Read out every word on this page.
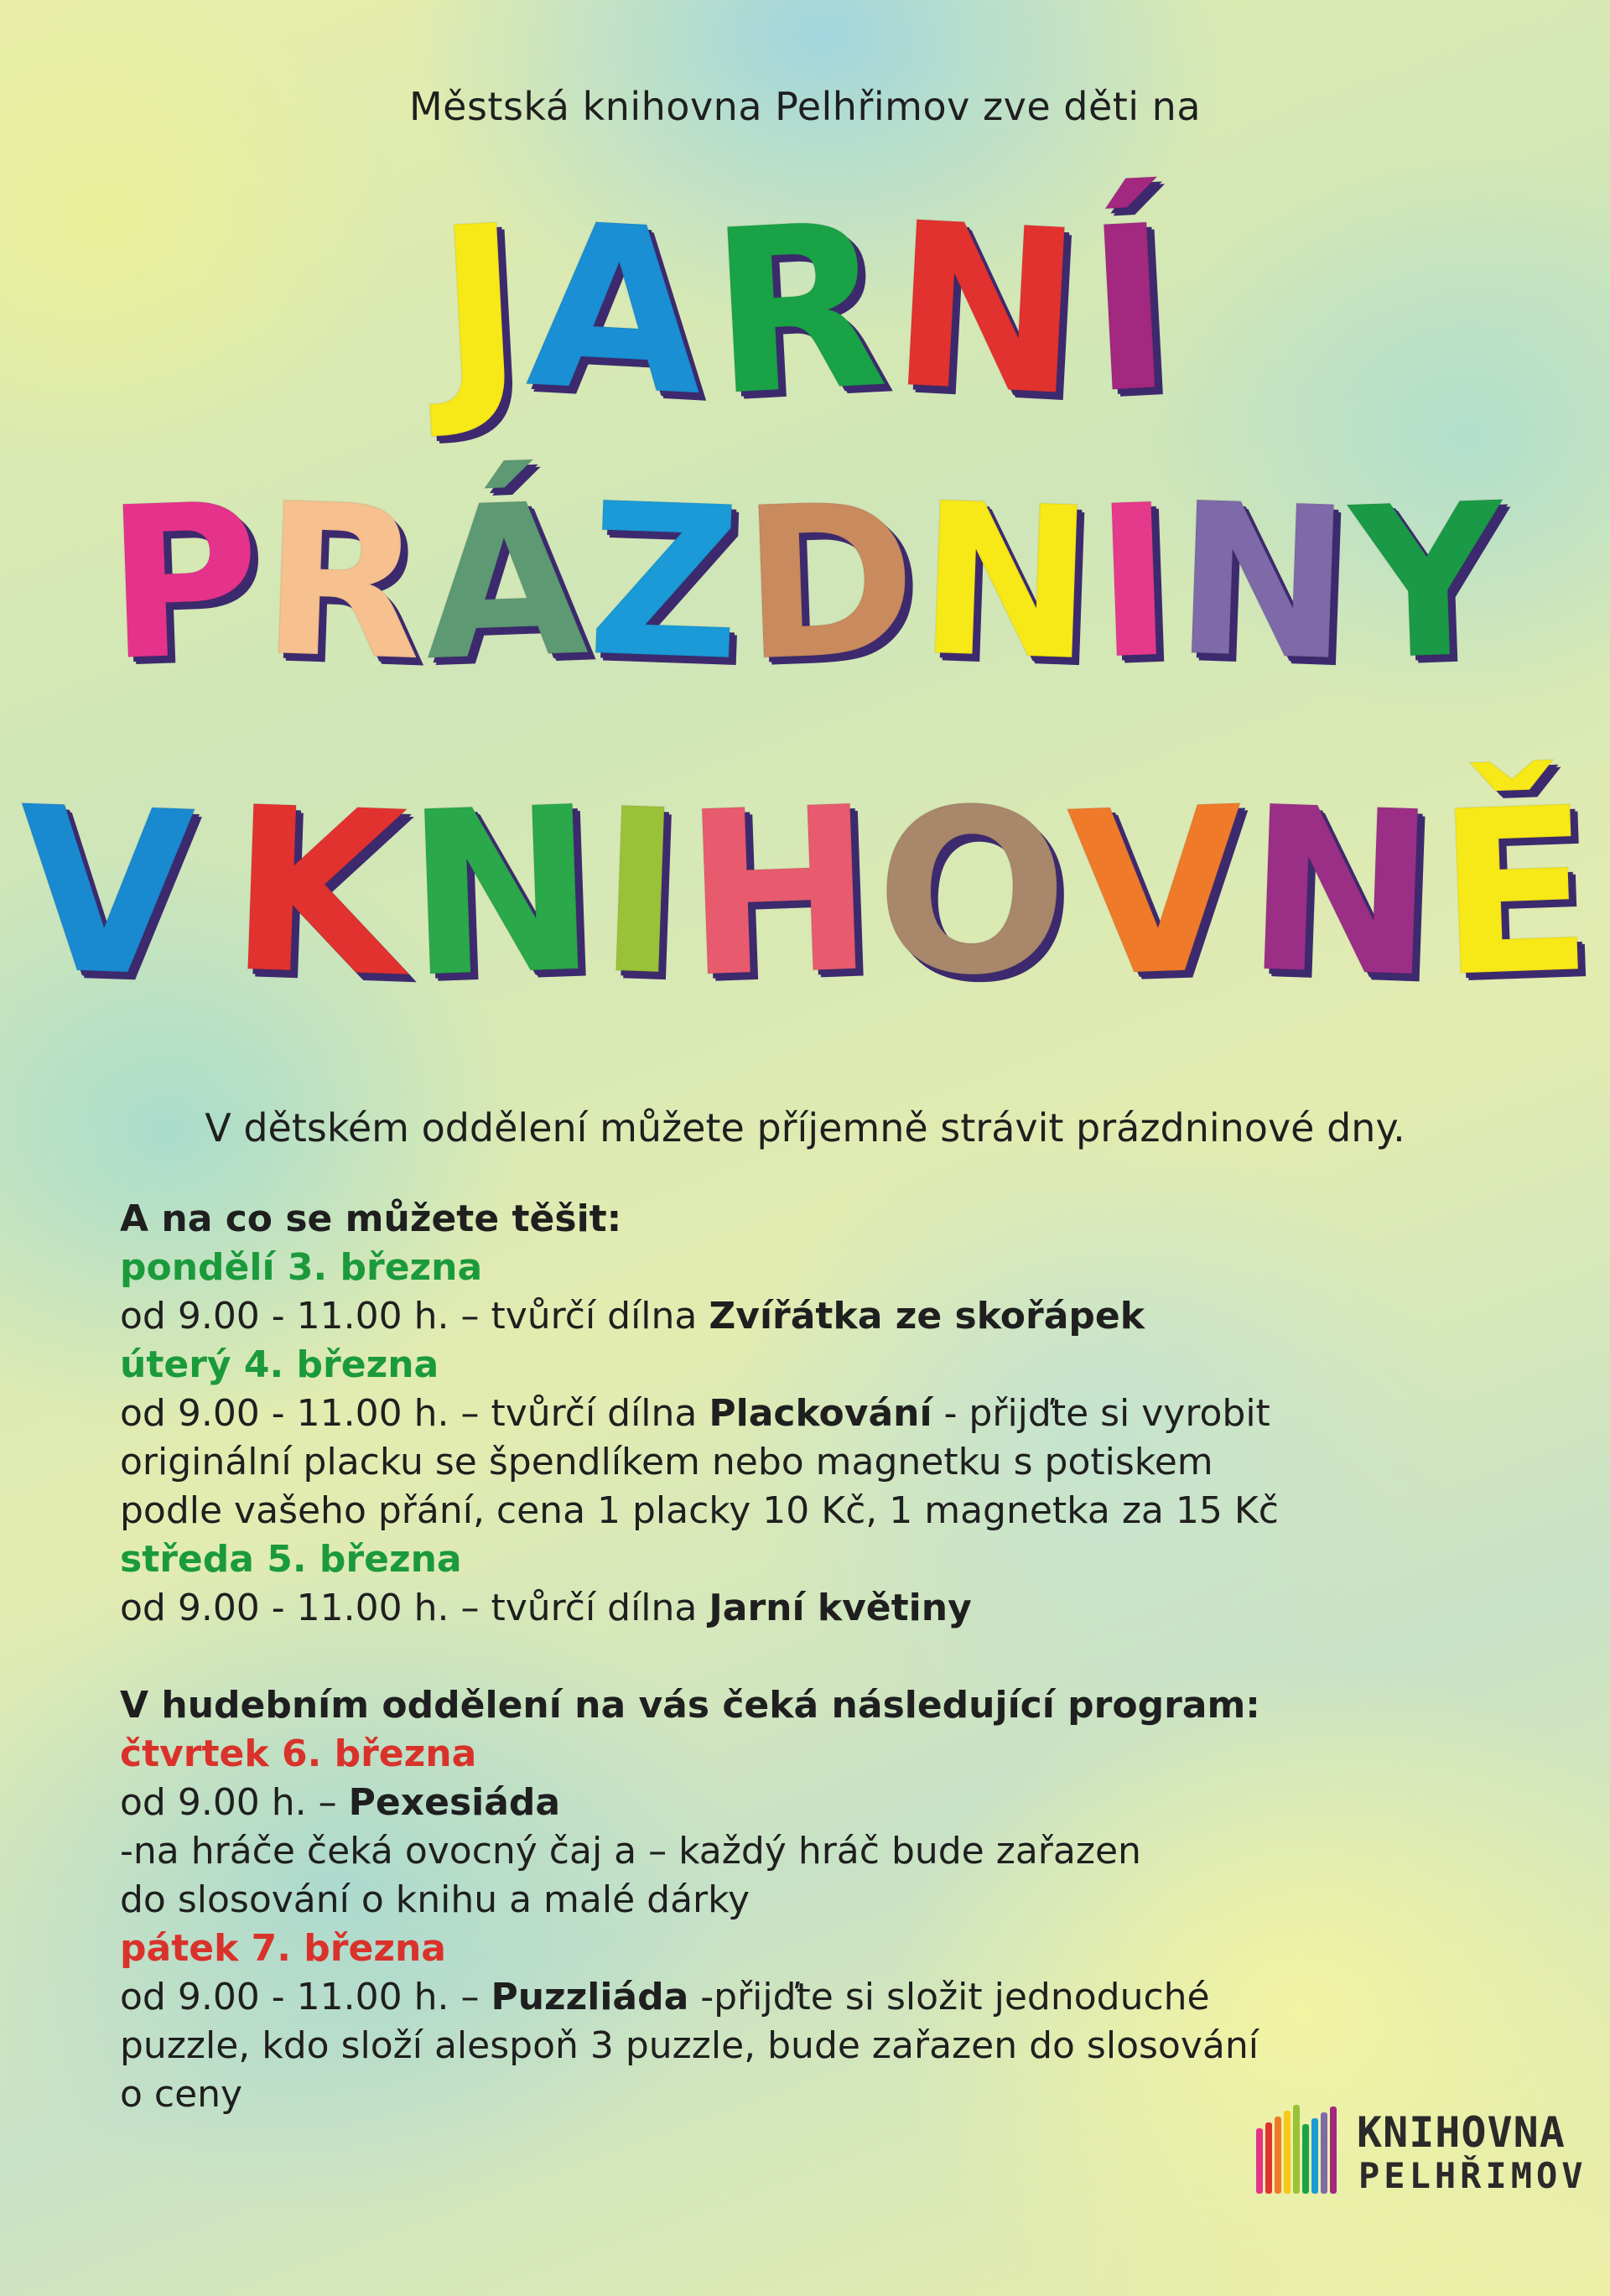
Městská knihovna Pelhřimov zve děti na
J
A
R
N
Í
P
R
Á
Z
D
N
I
N
Y
V
K
N
I
H
O
V
N
Ě
V dětském oddělení můžete příjemně strávit prázdninové dny.

A na co se můžete těšit:

pondělí 3. března

od 9.00 - 11.00 h. – tvůrčí dílna Zvířátka ze skořápek

úterý 4. března

od 9.00 - 11.00 h. – tvůrčí dílna Plackování - přijďte si vyrobit

originální placku se špendlíkem nebo magnetku s potiskem

podle vašeho přání, cena 1 placky 10 Kč, 1 magnetka za 15 Kč

středa 5. března

od 9.00 - 11.00 h. – tvůrčí dílna Jarní květiny

V hudebním oddělení na vás čeká následující program:

čtvrtek 6. března

od 9.00 h. – Pexesiáda

-na hráče čeká ovocný čaj a – každý hráč bude zařazen

do slosování o knihu a malé dárky

pátek 7. března

od 9.00 - 11.00 h. – Puzzliáda -přijďte si složit jednoduché

puzzle, kdo složí alespoň 3 puzzle, bude zařazen do slosování

o ceny

KNIHOVNA
PELHŘIMOV
